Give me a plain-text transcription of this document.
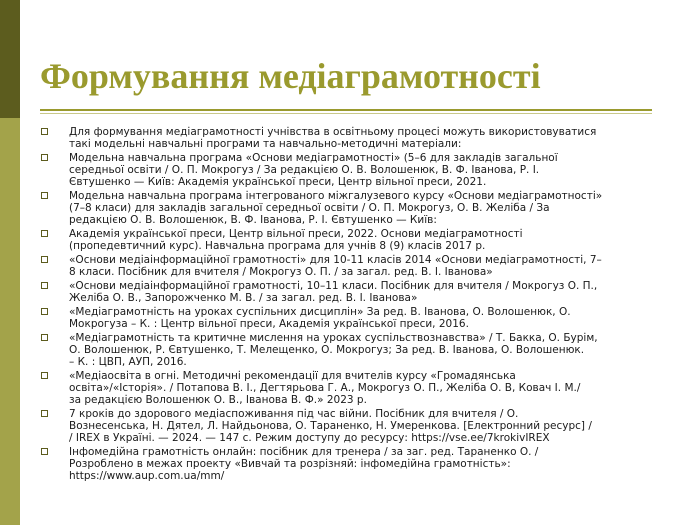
Формування медіаграмотності
Для формування медіаграмотності учнівства в освітньому процесі можуть використовуватися
такі модельні навчальні програми та навчально-методичні матеріали:
Модельна навчальна програма «Основи медіаграмотності» (5–6 для закладів загальної
середньої освіти / О. П. Мокрогуз / За редакцією О. В. Волошенюк, В. Ф. Іванова, Р. І.
Євтушенко — Київ: Академія української преси, Центр вільної преси, 2021.
Модельна навчальна програма інтегрованого міжгалузевого курсу «Основи медіаграмотності»
(7–8 класи) для закладів загальної середньої освіти / О. П. Мокрогуз, О. В. Желіба / За
редакцією О. В. Волошенюк, В. Ф. Іванова, Р. І. Євтушенко — Київ:
Академія української преси, Центр вільної преси, 2022. Основи медіаграмотності
(пропедевтичний курс). Навчальна програма для учнів 8 (9) класів 2017 р.
«Основи медіаінформаційної грамотності» для 10-11 класів 2014 «Основи медіаграмотності, 7–
8 класи. Посібник для вчителя / Мокрогуз О. П. / за загал. ред. В. І. Іванова»
«Основи медіаінформаційної грамотності, 10–11 класи. Посібник для вчителя / Мокрогуз О. П.,
Желіба О. В., Запорожченко М. В. / за загал. ред. В. І. Іванова»
«Медіаграмотність на уроках суспільних дисциплін» За ред. В. Іванова, О. Волошенюк, О.
Мокрогуза – К. : Центр вільної преси, Академія української преси, 2016.
«Медіаграмотність та критичне мислення на уроках суспільствознавства» / Т. Бакка, О. Бурім,
О. Волошенюк, Р. Євтушенко, Т. Мелещенко, О. Мокрогуз; За ред. В. Іванова, О. Волошенюк.
– К. : ЦВП, АУП, 2016.
«Медіаосвіта в огні. Методичні рекомендації для вчителів курсу «Громадянська
освіта»/«Історія». / Потапова В. І., Дегтярьова Г. А., Мокрогуз О. П., Желіба О. В, Ковач І. М./
за редакцією Волошенюк О. В., Іванова В. Ф.» 2023 р.
7 кроків до здорового медіаспоживання під час війни. Посібник для вчителя / О.
Вознесенська, Н. Дятел, Л. Найдьонова, О. Тараненко, Н. Умеренкова. [Електронний ресурс] /
/ IREX в Україні. — 2024. — 147 с. Режим доступу до ресурсу: https://vse.ee/7krokivIREX
Інфомедійна грамотність онлайн: посібник для тренера / за заг. ред. Тараненко О. /
Розроблено в межах проекту «Вивчай та розрізняй: інфомедійна грамотність»:
https://www.aup.com.ua/mm/
